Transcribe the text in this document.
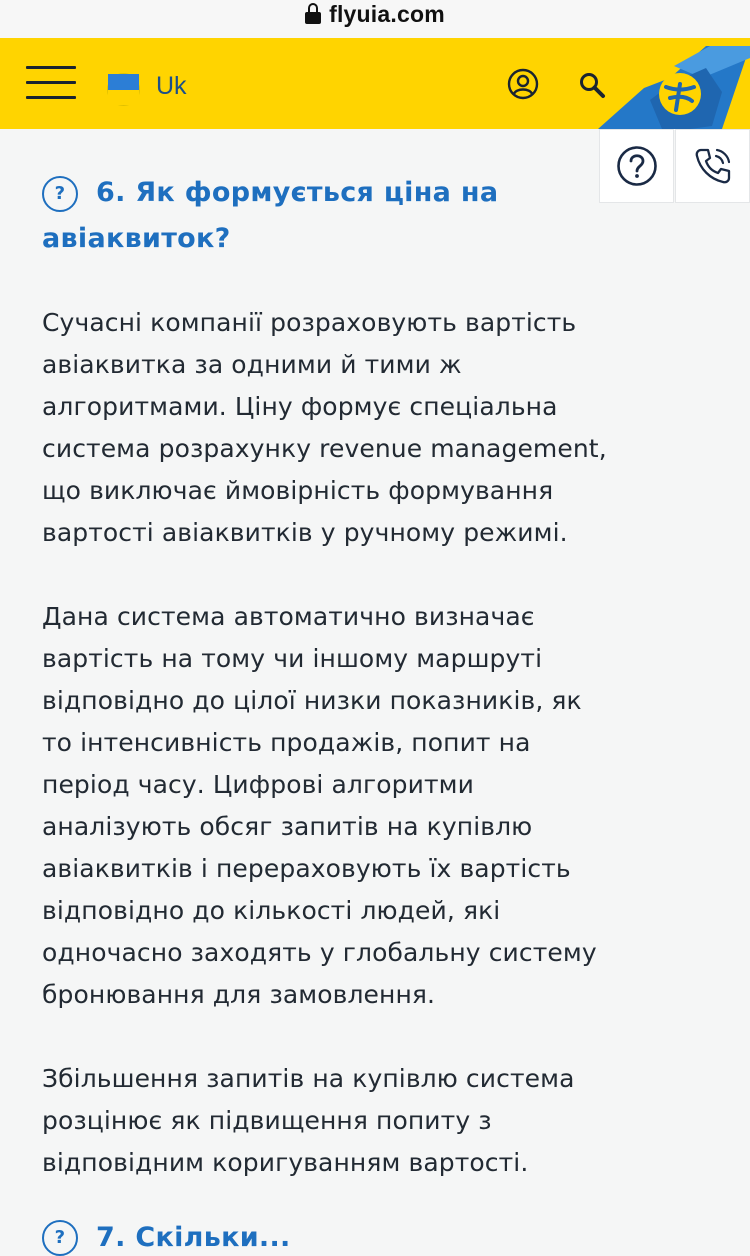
flyuia.com
Uk
? 6. Як формується ціна на авіаквиток?

Сучасні компанії розраховують вартість авіаквитка за одними й тими ж алгоритмами. Ціну формує спеціальна система розрахунку revenue management, що виключає ймовірність формування вартості авіаквитків у ручному режимі.

Дана система автоматично визначає вартість на тому чи іншому маршруті відповідно до цілої низки показників, як то інтенсивність продажів, попит на період часу. Цифрові алгоритми аналізують обсяг запитів на купівлю авіаквитків і перераховують їх вартість відповідно до кількості людей, які одночасно заходять у глобальну систему бронювання для замовлення.

Збільшення запитів на купівлю система розцінює як підвищення попиту з відповідним коригуванням вартості.

? 7. Скільки...
